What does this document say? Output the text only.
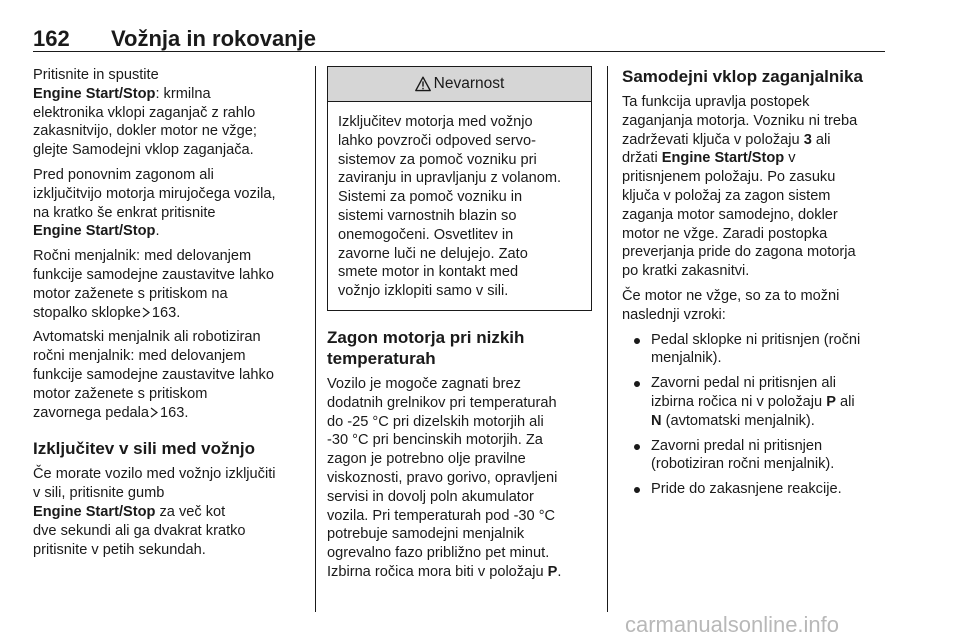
162 Vožnja in rokovanje

Pritisnite in spustite
Engine Start/Stop: krmilna
elektronika vklopi zaganjač z rahlo
zakasnitvijo, dokler motor ne vžge;
glejte Samodejni vklop zaganjača.

Pred ponovnim zagonom ali
izključitvijo motorja mirujočega vozila,
na kratko še enkrat pritisnite
Engine Start/Stop.

Ročni menjalnik: med delovanjem
funkcije samodejne zaustavitve lahko
motor zaženete s pritiskom na
stopalko sklopke 163.

Avtomatski menjalnik ali robotiziran
ročni menjalnik: med delovanjem
funkcije samodejne zaustavitve lahko
motor zaženete s pritiskom
zavornega pedala 163.

Izključitev v sili med vožnjo

Če morate vozilo med vožnjo izključiti
v sili, pritisnite gumb
Engine Start/Stop za več kot
dve sekundi ali ga dvakrat kratko
pritisnite v petih sekundah.

Nevarnost
Izključitev motorja med vožnjo
lahko povzroči odpoved servo-
sistemov za pomoč vozniku pri
zaviranju in upravljanju z volanom.
Sistemi za pomoč vozniku in
sistemi varnostnih blazin so
onemogočeni. Osvetlitev in
zavorne luči ne delujejo. Zato
smete motor in kontakt med
vožnjo izklopiti samo v sili.
Zagon motorja pri nizkih
temperaturah

Vozilo je mogoče zagnati brez
dodatnih grelnikov pri temperaturah
do -25 °C pri dizelskih motorjih ali
-30 °C pri bencinskih motorjih. Za
zagon je potrebno olje pravilne
viskoznosti, pravo gorivo, opravljeni
servisi in dovolj poln akumulator
vozila. Pri temperaturah pod -30 °C
potrebuje samodejni menjalnik
ogrevalno fazo približno pet minut.
Izbirna ročica mora biti v položaju P.

Samodejni vklop zaganjalnika

Ta funkcija upravlja postopek
zaganjanja motorja. Vozniku ni treba
zadrževati ključa v položaju 3 ali
držati Engine Start/Stop v
pritisnjenem položaju. Po zasuku
ključa v položaj za zagon sistem
zaganja motor samodejno, dokler
motor ne vžge. Zaradi postopka
preverjanja pride do zagona motorja
po kratki zakasnitvi.

Če motor ne vžge, so za to možni
naslednji vzroki:

Pedal sklopke ni pritisnjen (ročni
menjalnik).
Zavorni pedal ni pritisnjen ali
izbirna ročica ni v položaju P ali
N (avtomatski menjalnik).
Zavorni predal ni pritisnjen
(robotiziran ročni menjalnik).
Pride do zakasnjene reakcije.
carmanualsonline.info
